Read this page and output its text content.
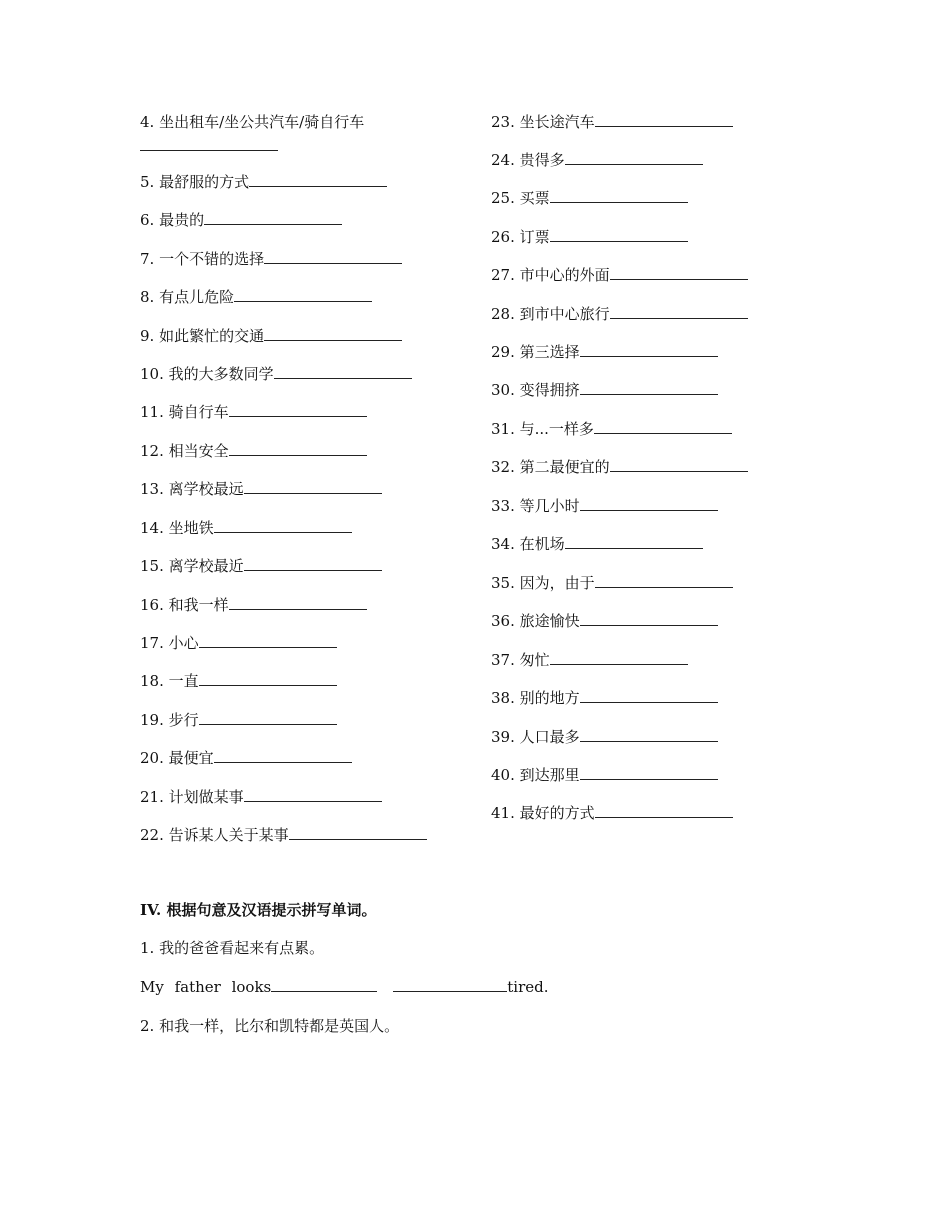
4. 坐出租车/坐公共汽车/骑自行车
5. 最舒服的方式
6. 最贵的
7. 一个不错的选择
8. 有点儿危险
9. 如此繁忙的交通
10. 我的大多数同学
11. 骑自行车
12. 相当安全
13. 离学校最远
14. 坐地铁
15. 离学校最近
16. 和我一样
17. 小心
18. 一直
19. 步行
20. 最便宜
21. 计划做某事
22. 告诉某人关于某事
23. 坐长途汽车
24. 贵得多
25. 买票
26. 订票
27. 市中心的外面
28. 到市中心旅行
29. 第三选择
30. 变得拥挤
31. 与...一样多
32. 第二最便宜的
33. 等几小时
34. 在机场
35. 因为，由于
36. 旅途愉快
37. 匆忙
38. 别的地方
39. 人口最多
40. 到达那里
41. 最好的方式
IV. 根据句意及汉语提示拼写单词。
1. 我的爸爸看起来有点累。
My father looks	tired.
2. 和我一样，比尔和凯特都是英国人。
